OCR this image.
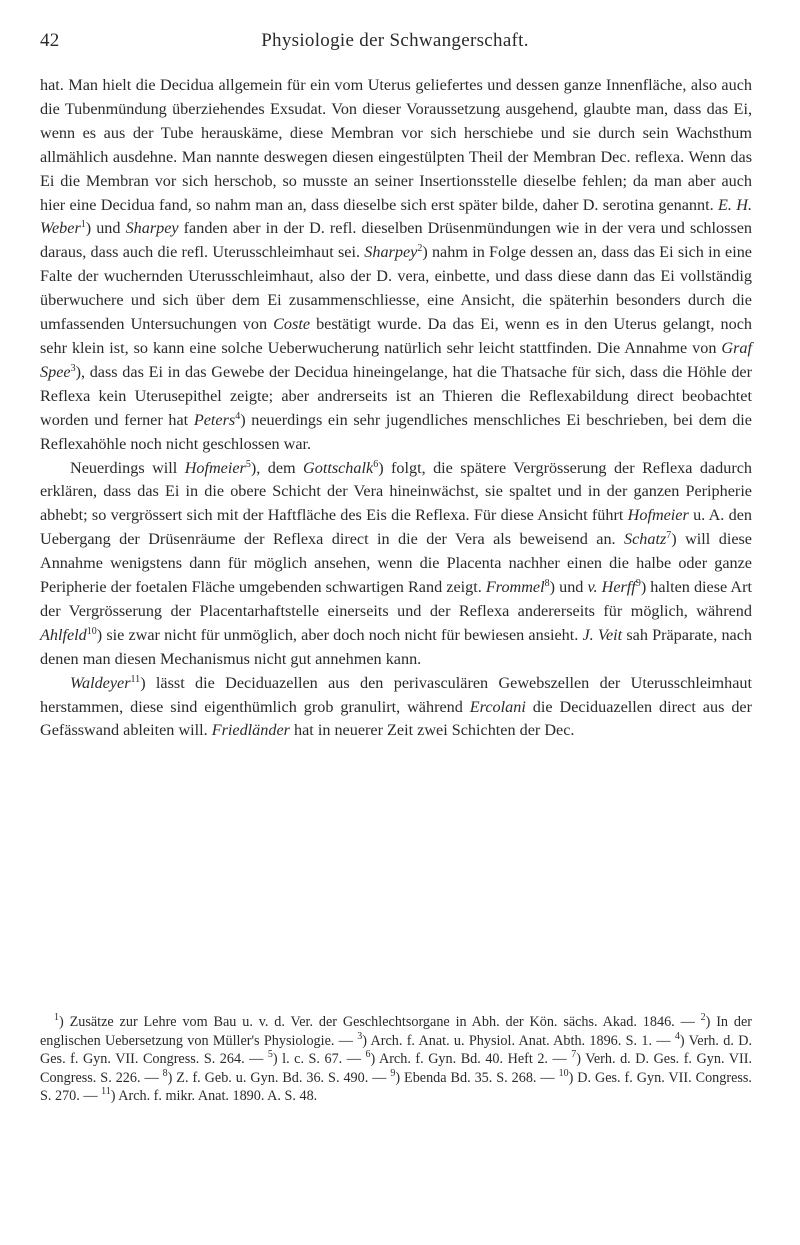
42	Physiologie der Schwangerschaft.

hat. Man hielt die Decidua allgemein für ein vom Uterus geliefertes und dessen ganze Innenfläche, also auch die Tubenmündung überziehendes Exsudat. Von dieser Voraussetzung ausgehend, glaubte man, dass das Ei, wenn es aus der Tube herauskäme, diese Membran vor sich herschiebe und sie durch sein Wachsthum allmählich ausdehne. Man nannte deswegen diesen eingestülpten Theil der Membran Dec. reflexa. Wenn das Ei die Membran vor sich herschob, so musste an seiner Insertionsstelle dieselbe fehlen; da man aber auch hier eine Decidua fand, so nahm man an, dass dieselbe sich erst später bilde, daher D. serotina genannt. E. H. Weber$^1$) und Sharpey fanden aber in der D. refl. dieselben Drüsenmündungen wie in der vera und schlossen daraus, dass auch die refl. Uterusschleimhaut sei. Sharpey$^2$) nahm in Folge dessen an, dass das Ei sich in eine Falte der wuchernden Uterusschleimhaut, also der D. vera, einbette, und dass diese dann das Ei vollständig überwuchere und sich über dem Ei zusammenschliesse, eine Ansicht, die späterhin besonders durch die umfassenden Untersuchungen von Coste bestätigt wurde. Da das Ei, wenn es in den Uterus gelangt, noch sehr klein ist, so kann eine solche Ueberwucherung natürlich sehr leicht stattfinden. Die Annahme von Graf Spee$^3$), dass das Ei in das Gewebe der Decidua hineingelange, hat die Thatsache für sich, dass die Höhle der Reflexa kein Uterusepithel zeigte; aber andrerseits ist an Thieren die Reflexabildung direct beobachtet worden und ferner hat Peters$^4$) neuerdings ein sehr jugendliches menschliches Ei beschrieben, bei dem die Reflexahöhle noch nicht geschlossen war.

Neuerdings will Hofmeier$^5$), dem Gottschalk$^6$) folgt, die spätere Vergrösserung der Reflexa dadurch erklären, dass das Ei in die obere Schicht der Vera hineinwächst, sie spaltet und in der ganzen Peripherie abhebt; so vergrössert sich mit der Haftfläche des Eis die Reflexa. Für diese Ansicht führt Hofmeier u. A. den Uebergang der Drüsenräume der Reflexa direct in die der Vera als beweisend an. Schatz$^7$) will diese Annahme wenigstens dann für möglich ansehen, wenn die Placenta nachher einen die halbe oder ganze Peripherie der foetalen Fläche umgebenden schwartigen Rand zeigt. Frommel$^8$) und v. Herff$^9$) halten diese Art der Vergrösserung der Placentarhaftstelle einerseits und der Reflexa andererseits für möglich, während Ahlfeld$^{10}$) sie zwar nicht für unmöglich, aber doch noch nicht für bewiesen ansieht. J. Veit sah Präparate, nach denen man diesen Mechanismus nicht gut annehmen kann.

Waldeyer$^{11}$) lässt die Deciduazellen aus den perivasculären Gewebszellen der Uterusschleimhaut herstammen, diese sind eigenthümlich grob granulirt, während Ercolani die Deciduazellen direct aus der Gefässwand ableiten will. Friedländer hat in neuerer Zeit zwei Schichten der Dec.

$^1$) Zusätze zur Lehre vom Bau u. v. d. Ver. der Geschlechtsorgane in Abh. der Kön. sächs. Akad. 1846. — $^2$) In der englischen Uebersetzung von Müller's Physiologie. — $^3$) Arch. f. Anat. u. Physiol. Anat. Abth. 1896. S. 1. — $^4$) Verh. d. D. Ges. f. Gyn. VII. Congress. S. 264. — $^5$) l. c. S. 67. — $^6$) Arch. f. Gyn. Bd. 40. Heft 2. — $^7$) Verh. d. D. Ges. f. Gyn. VII. Congress. S. 226. — $^8$) Z. f. Geb. u. Gyn. Bd. 36. S. 490. — $^9$) Ebenda Bd. 35. S. 268. — $^{10}$) D. Ges. f. Gyn. VII. Congress. S. 270. — $^{11}$) Arch. f. mikr. Anat. 1890. A. S. 48.
